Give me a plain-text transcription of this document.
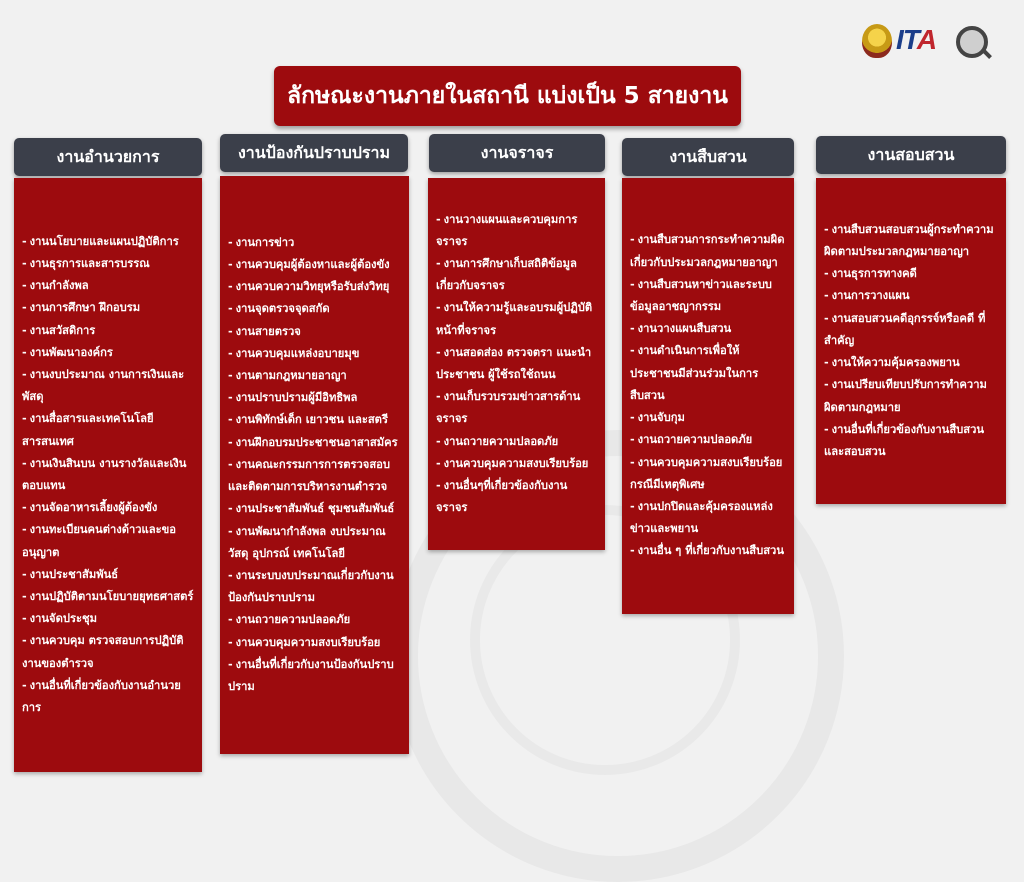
ITA
ลักษณะงานภายในสถานี แบ่งเป็น 5 สายงาน
งานอำนวยการ	งานป้องกันปราบปราม	งานจราจร	งานสืบสวน	งานสอบสวน
- งานนโยบายและแผนปฏิบัติการ
- งานธุรการและสารบรรณ
- งานกำลังพล
- งานการศึกษา ฝึกอบรม
- งานสวัสดิการ
- งานพัฒนาองค์กร
- งานงบประมาณ งานการเงินและพัสดุ
- งานสื่อสารและเทคโนโลยีสารสนเทศ
- งานเงินสินบน งานรางวัลและเงินตอบแทน
- งานจัดอาหารเลี้ยงผู้ต้องขัง
- งานทะเบียนคนต่างด้าวและขออนุญาต
- งานประชาสัมพันธ์
- งานปฏิบัติตามนโยบายยุทธศาสตร์
- งานจัดประชุม
- งานควบคุม ตรวจสอบการปฏิบัติงานของตำรวจ
- งานอื่นที่เกี่ยวข้องกับงานอำนวยการ
- งานการข่าว
- งานควบคุมผู้ต้องหาและผู้ต้องขัง
- งานควบความวิทยุหรือรับส่งวิทยุ
- งานจุดตรวจจุดสกัด
- งานสายตรวจ
- งานควบคุมแหล่งอบายมุข
- งานตามกฎหมายอาญา
- งานปราบปรามผู้มีอิทธิพล
- งานพิทักษ์เด็ก เยาวชน และสตรี
- งานฝึกอบรมประชาชนอาสาสมัคร
- งานคณะกรรมการการตรวจสอบและติดตามการบริหารงานตำรวจ
- งานประชาสัมพันธ์ ชุมชนสัมพันธ์
- งานพัฒนากำลังพล งบประมาณ วัสดุ อุปกรณ์ เทคโนโลยี
- งานระบบงบประมาณเกี่ยวกับงานป้องกันปราบปราม
- งานถวายความปลอดภัย
- งานควบคุมความสงบเรียบร้อย
- งานอื่นที่เกี่ยวกับงานป้องกันปราบปราม
- งานวางแผนและควบคุมการจราจร
- งานการศึกษาเก็บสถิติข้อมูลเกี่ยวกับจราจร
- งานให้ความรู้และอบรมผู้ปฏิบัติหน้าที่จราจร
- งานสอดส่อง ตรวจตรา แนะนำประชาชน ผู้ใช้รถใช้ถนน
- งานเก็บรวบรวมข่าวสารด้านจราจร
- งานถวายความปลอดภัย
- งานควบคุมความสงบเรียบร้อย
- งานอื่นๆที่เกี่ยวข้องกับงานจราจร
- งานสืบสวนการกระทำความผิดเกี่ยวกับประมวลกฎหมายอาญา
- งานสืบสวนหาข่าวและระบบข้อมูลอาชญากรรม
- งานวางแผนสืบสวน
- งานดำเนินการเพื่อให้ประชาชนมีส่วนร่วมในการสืบสวน
- งานจับกุม
- งานถวายความปลอดภัย
- งานควบคุมความสงบเรียบร้อยกรณีมีเหตุพิเศษ
- งานปกปิดและคุ้มครองแหล่งข่าวและพยาน
- งานอื่น ๆ ที่เกี่ยวกับงานสืบสวน
- งานสืบสวนสอบสวนผู้กระทำความผิดตามประมวลกฎหมายอาญา
- งานธุรการทางคดี
- งานการวางแผน
- งานสอบสวนคดีอุกรรจ์หรือคดี ที่สำคัญ
- งานให้ความคุ้มครองพยาน
- งานเปรียบเทียบปรับการทำความผิดตามกฎหมาย
- งานอื่นที่เกี่ยวข้องกับงานสืบสวนและสอบสวน
